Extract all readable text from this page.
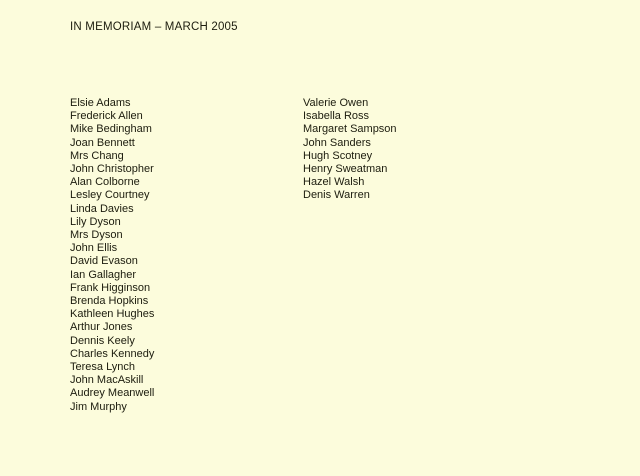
IN MEMORIAM – MARCH 2005
Elsie Adams
Frederick Allen
Mike Bedingham
Joan Bennett
Mrs Chang
John Christopher
Alan Colborne
Lesley Courtney
Linda Davies
Lily Dyson
Mrs Dyson
John Ellis
David Evason
Ian Gallagher
Frank Higginson
Brenda Hopkins
Kathleen Hughes
Arthur Jones
Dennis Keely
Charles Kennedy
Teresa Lynch
John MacAskill
Audrey Meanwell
Jim Murphy
Valerie Owen
Isabella Ross
Margaret Sampson
John Sanders
Hugh Scotney
Henry Sweatman
Hazel Walsh
Denis Warren
